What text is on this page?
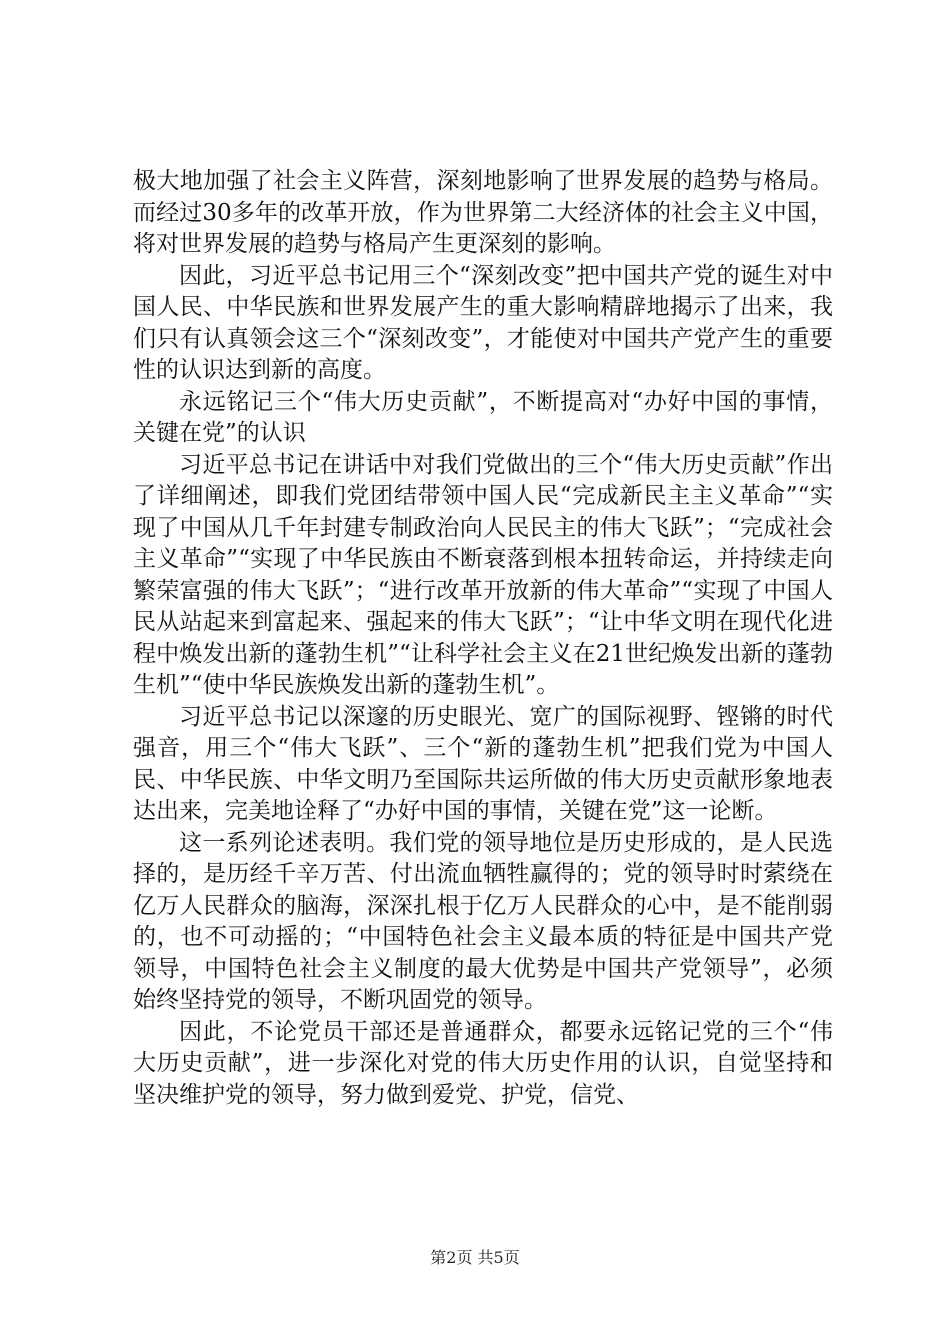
极大地加强了社会主义阵营，深刻地影响了世界发展的趋势与格局。而经过30多年的改革开放，作为世界第二大经济体的社会主义中国，将对世界发展的趋势与格局产生更深刻的影响。

因此，习近平总书记用三个“深刻改变”把中国共产党的诞生对中国人民、中华民族和世界发展产生的重大影响精辟地揭示了出来，我们只有认真领会这三个“深刻改变”，才能使对中国共产党产生的重要性的认识达到新的高度。

永远铭记三个“伟大历史贡献”，不断提高对“办好中国的事情，关键在党”的认识

习近平总书记在讲话中对我们党做出的三个“伟大历史贡献”作出了详细阐述，即我们党团结带领中国人民“完成新民主主义革命”“实现了中国从几千年封建专制政治向人民民主的伟大飞跃”；“完成社会主义革命”“实现了中华民族由不断衰落到根本扭转命运，并持续走向繁荣富强的伟大飞跃”；“进行改革开放新的伟大革命”“实现了中国人民从站起来到富起来、强起来的伟大飞跃”；“让中华文明在现代化进程中焕发出新的蓬勃生机”“让科学社会主义在21世纪焕发出新的蓬勃生机”“使中华民族焕发出新的蓬勃生机”。

习近平总书记以深邃的历史眼光、宽广的国际视野、铿锵的时代强音，用三个“伟大飞跃”、三个“新的蓬勃生机”把我们党为中国人民、中华民族、中华文明乃至国际共运所做的伟大历史贡献形象地表达出来，完美地诠释了“办好中国的事情，关键在党”这一论断。

这一系列论述表明。我们党的领导地位是历史形成的，是人民选择的，是历经千辛万苦、付出流血牺牲赢得的；党的领导时时萦绕在亿万人民群众的脑海，深深扎根于亿万人民群众的心中，是不能削弱的，也不可动摇的；“中国特色社会主义最本质的特征是中国共产党领导，中国特色社会主义制度的最大优势是中国共产党领导”，必须始终坚持党的领导，不断巩固党的领导。

因此，不论党员干部还是普通群众，都要永远铭记党的三个“伟大历史贡献”，进一步深化对党的伟大历史作用的认识，自觉坚持和坚决维护党的领导，努力做到爱党、护党，信党、

第2页 共5页
